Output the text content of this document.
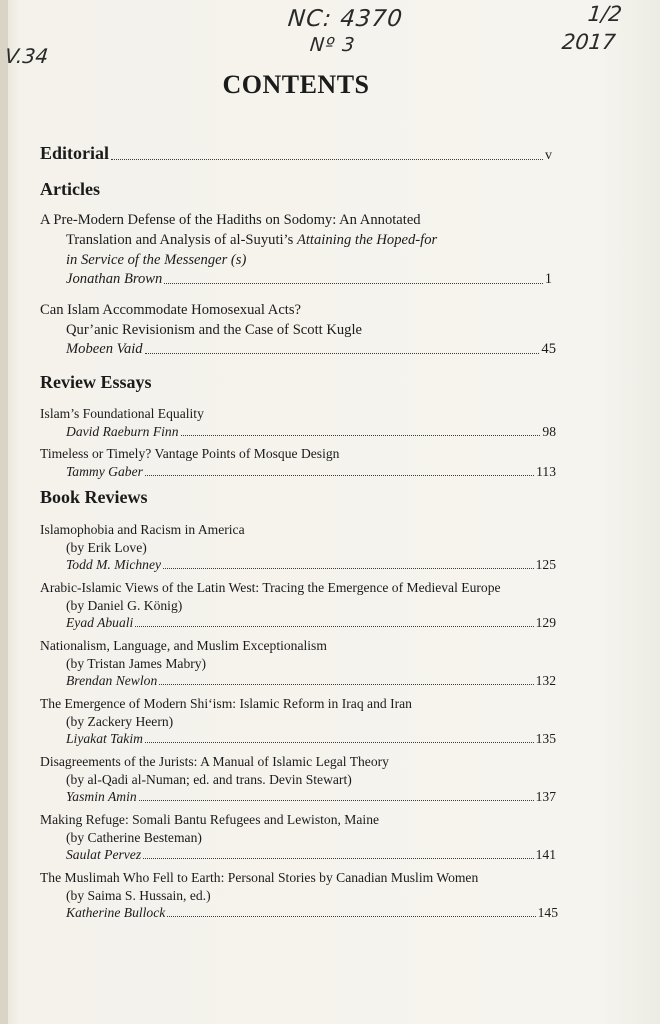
NC: 4370
Nº 3
V.34
1/2
2017
CONTENTS
Editorial	v
Articles
A Pre-Modern Defense of the Hadiths on Sodomy: An Annotated
Translation and Analysis of al-Suyuti’s Attaining the Hoped-for
in Service of the Messenger (s)
Jonathan Brown	1
Can Islam Accommodate Homosexual Acts?
Qur’anic Revisionism and the Case of Scott Kugle
Mobeen Vaid	45
Review Essays
Islam’s Foundational Equality
David Raeburn Finn	98
Timeless or Timely? Vantage Points of Mosque Design
Tammy Gaber	113
Book Reviews
Islamophobia and Racism in America
(by Erik Love)
Todd M. Michney	125
Arabic-Islamic Views of the Latin West: Tracing the Emergence of Medieval Europe
(by Daniel G. König)
Eyad Abuali	129
Nationalism, Language, and Muslim Exceptionalism
(by Tristan James Mabry)
Brendan Newlon	132
The Emergence of Modern Shi‘ism: Islamic Reform in Iraq and Iran
(by Zackery Heern)
Liyakat Takim	135
Disagreements of the Jurists: A Manual of Islamic Legal Theory
(by al-Qadi al-Numan; ed. and trans. Devin Stewart)
Yasmin Amin	137
Making Refuge: Somali Bantu Refugees and Lewiston, Maine
(by Catherine Besteman)
Saulat Pervez	141
The Muslimah Who Fell to Earth: Personal Stories by Canadian Muslim Women
(by Saima S. Hussain, ed.)
Katherine Bullock	145
